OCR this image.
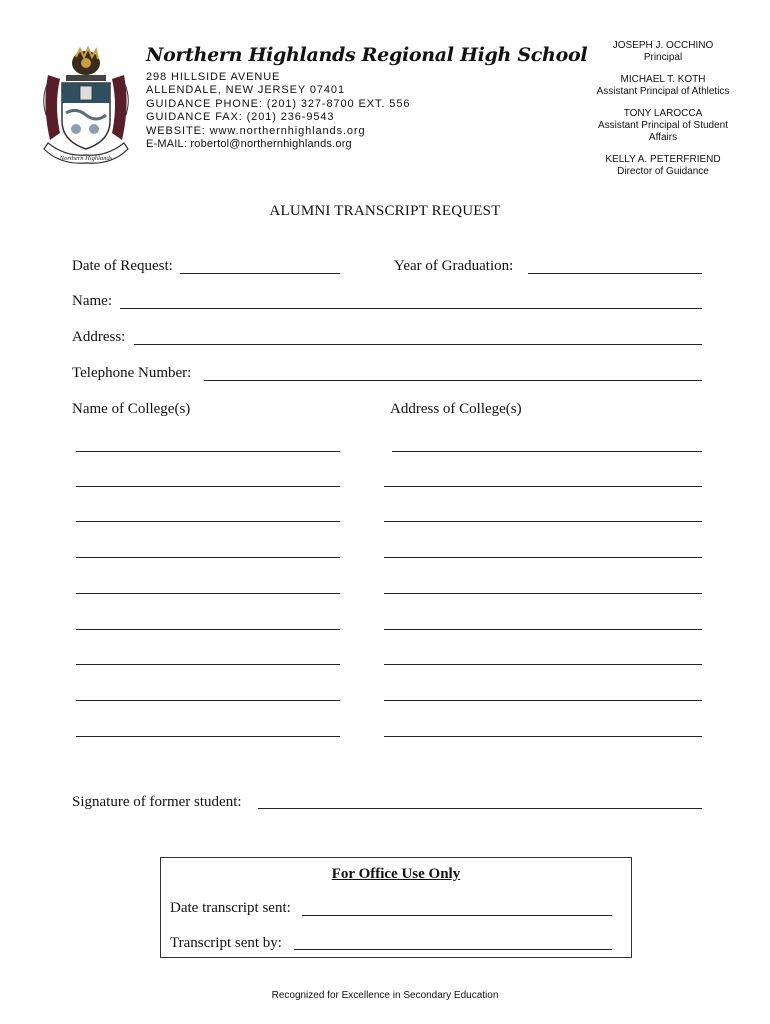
Northern Highlands
Northern Highlands Regional High School
298 HILLSIDE AVENUE
ALLENDALE, NEW JERSEY 07401
GUIDANCE PHONE: (201) 327-8700 EXT. 556
GUIDANCE FAX: (201) 236-9543
WEBSITE: www.northernhighlands.org
E-MAIL: robertol@northernhighlands.org
JOSEPH J. OCCHINO
Principal
MICHAEL T. KOTH
Assistant Principal of Athletics
TONY LAROCCA
Assistant Principal of Student Affairs
KELLY A. PETERFRIEND
Director of Guidance
ALUMNI TRANSCRIPT REQUEST
Date of Request:	Year of Graduation:
Name:
Address:
Telephone Number:
Name of College(s)	Address of College(s)
Signature of former student:
For Office Use Only
Date transcript sent:
Transcript sent by:
Recognized for Excellence in Secondary Education
